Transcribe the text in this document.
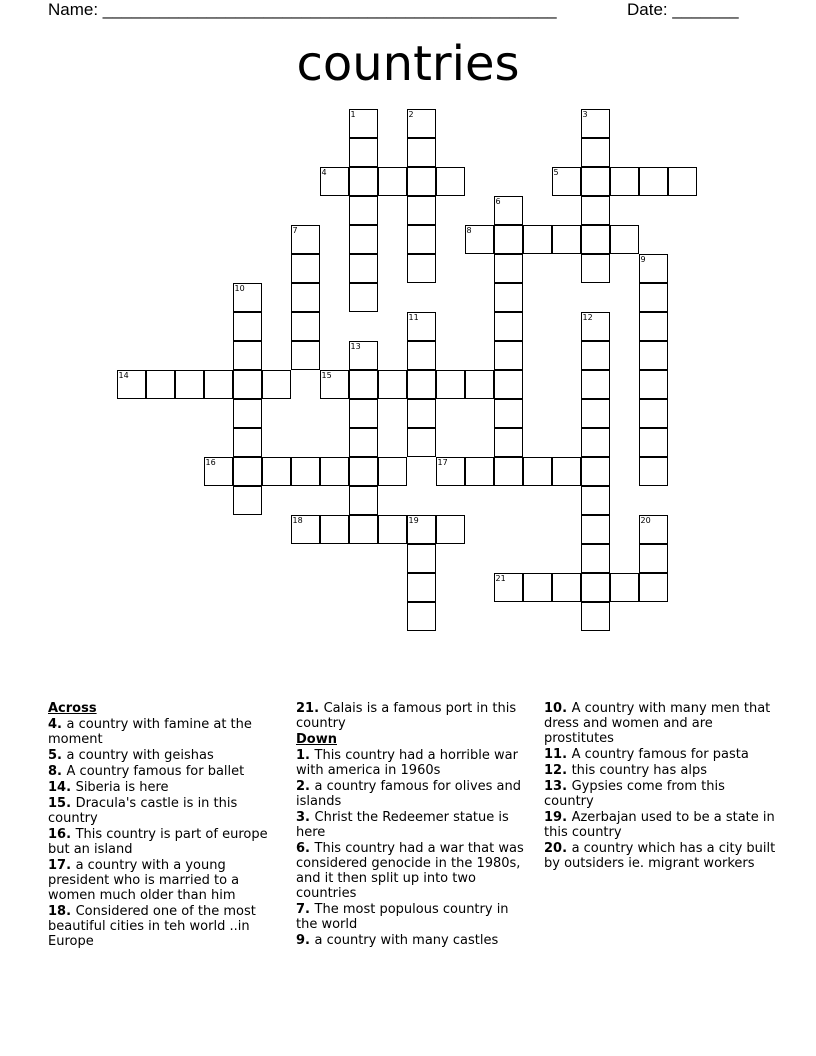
Name: ________________________________________________	Date: _______
countries
1	2	3
4	5
6
7	8
9
10
11	12
13
14	15
16	17
18	19	20
21
Across
4. a country with famine at the moment
5. a country with geishas
8. A country famous for ballet
14. Siberia is here
15. Dracula's castle is in this country
16. This country is part of europe but an island
17. a country with a young president who is married to a women much older than him
18. Considered one of the most beautiful cities in teh world ..in Europe
21. Calais is a famous port in this country
Down
1. This country had a horrible war with america in 1960s
2. a country famous for olives and islands
3. Christ the Redeemer statue is here
6. This country had a war that was considered genocide in the 1980s, and it then split up into two countries
7. The most populous country in the world
9. a country with many castles
10. A country with many men that dress and women and are prostitutes
11. A country famous for pasta
12. this country has alps
13. Gypsies come from this country
19. Azerbajan used to be a state in this country
20. a country which has a city built by outsiders ie. migrant workers
